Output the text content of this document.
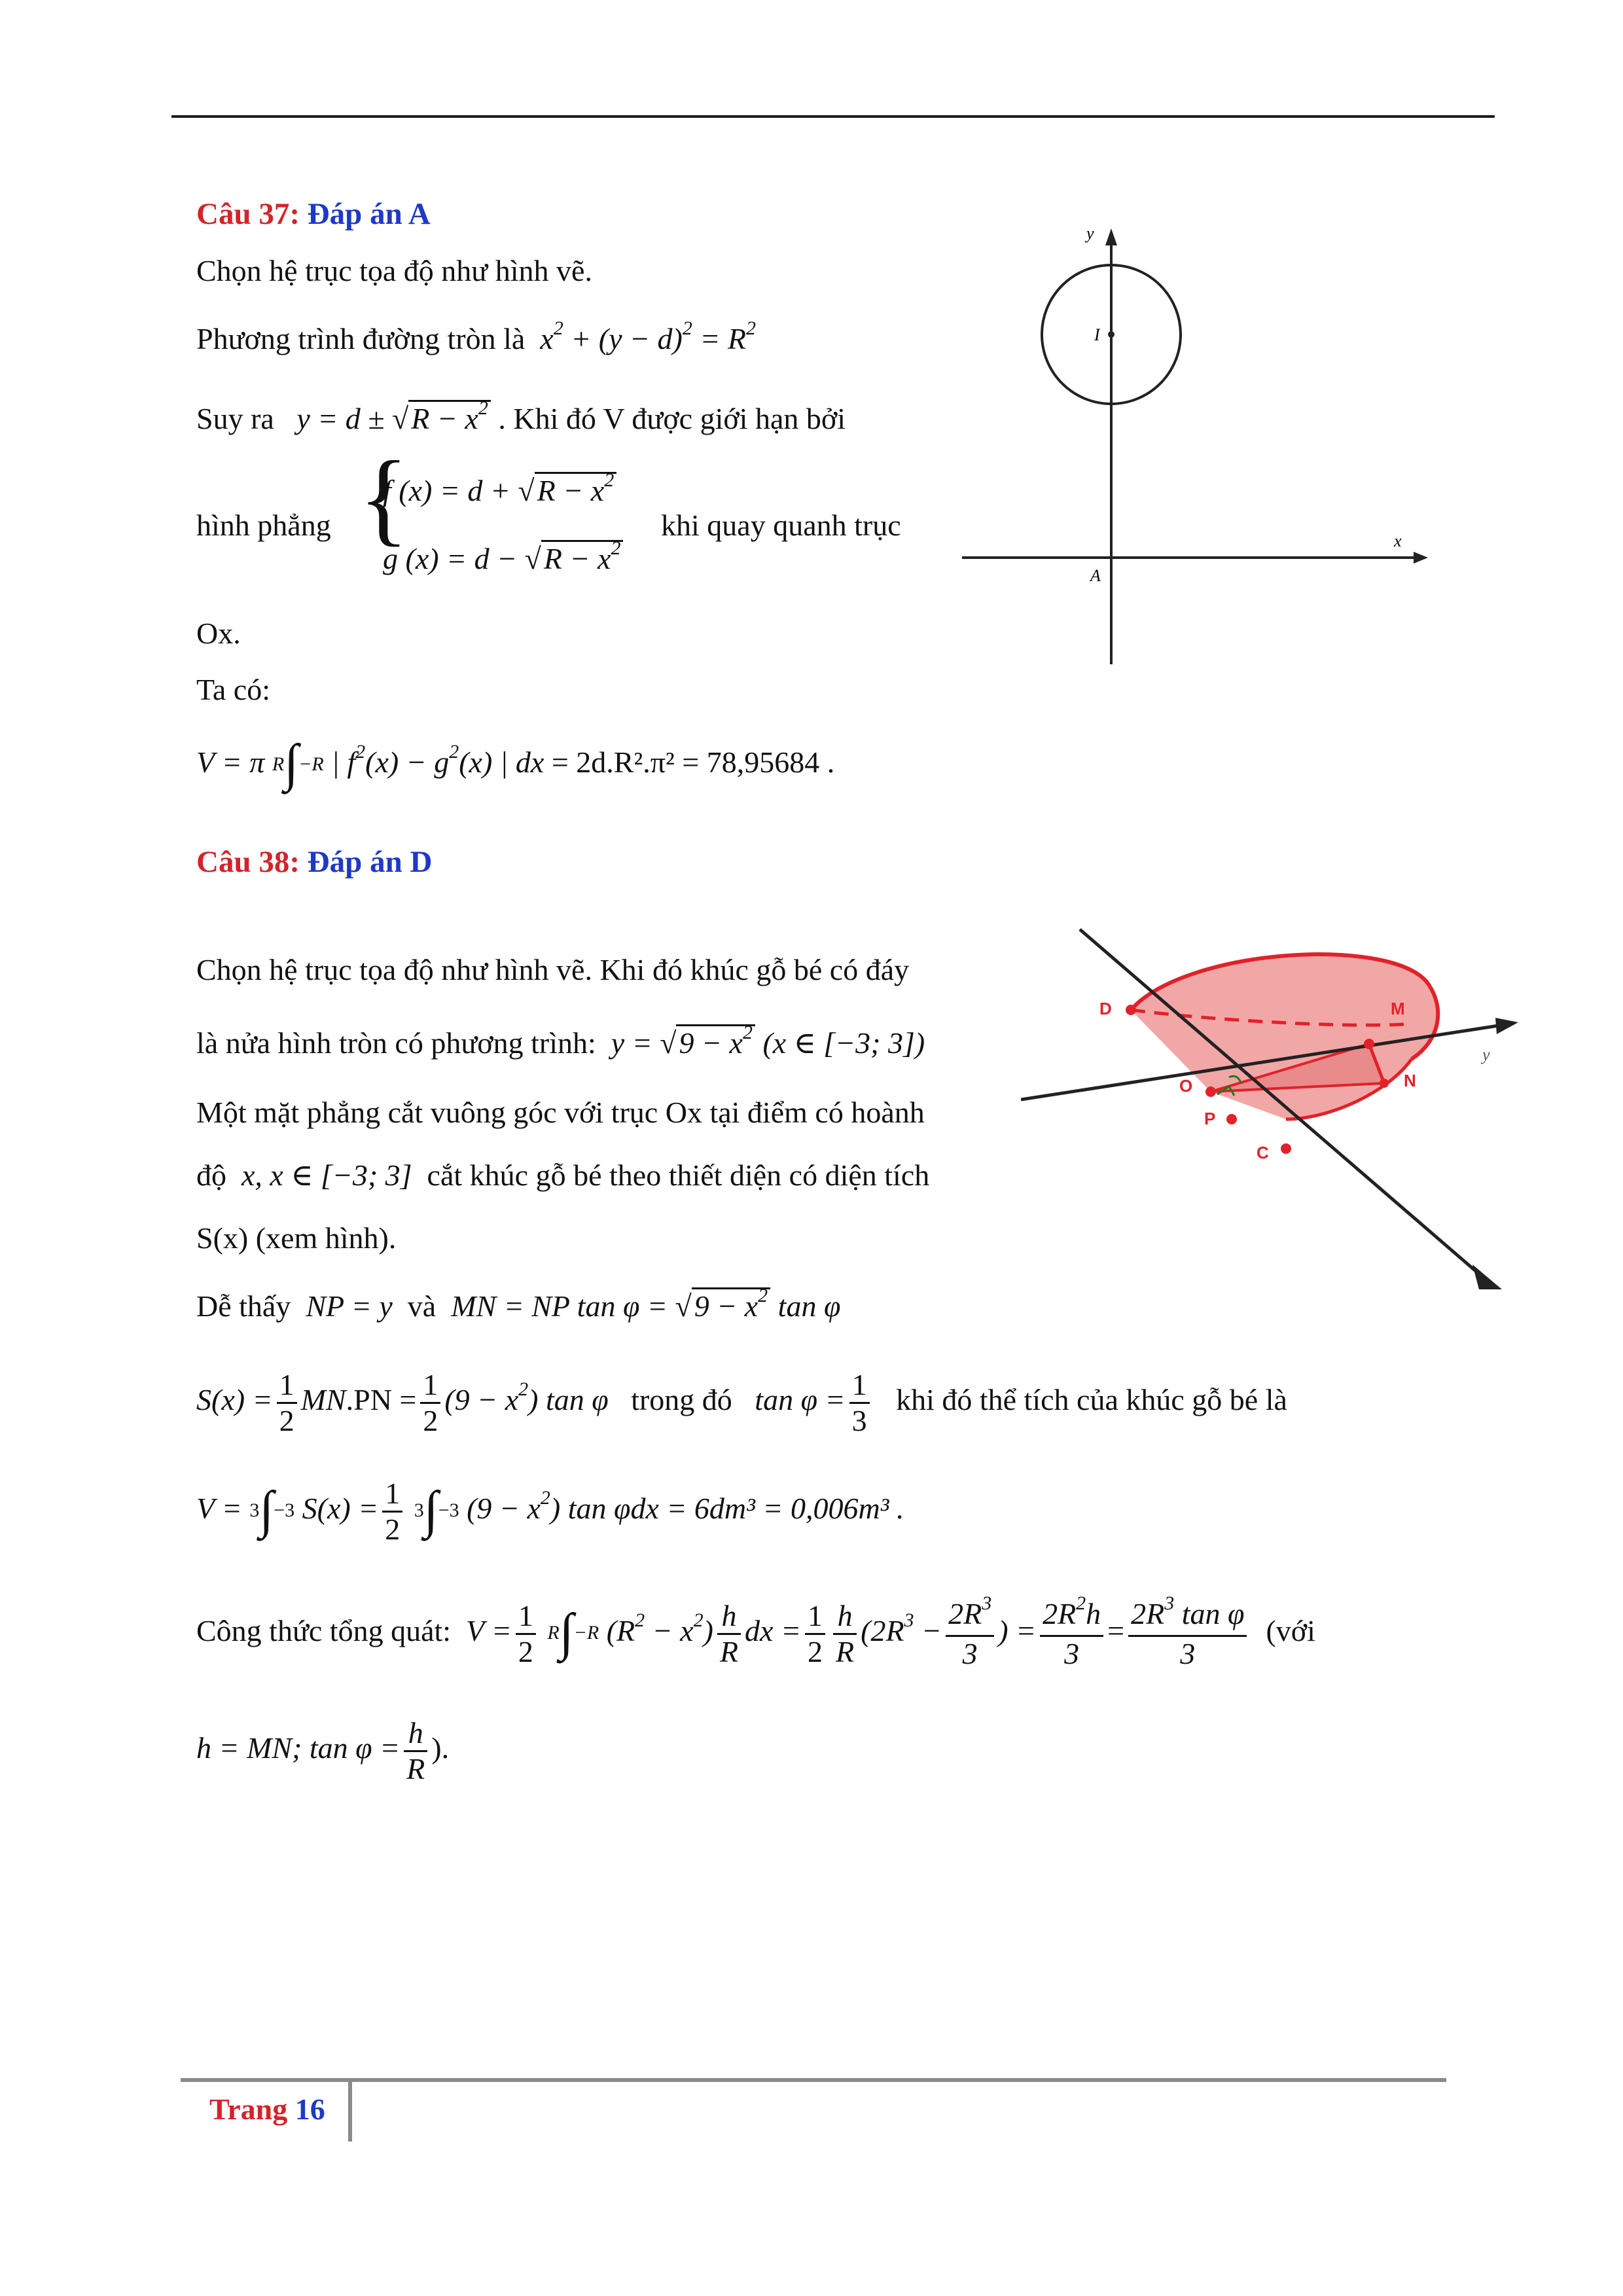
Câu 37: Đáp án A
Chọn hệ trục tọa độ như hình vẽ.
Phương trình đường tròn là  $x^2 + (y - d)^2 = R^2$
Suy ra   $y = d \pm √R - x^2$ . Khi đó V được giới hạn bởi
hình phẳng {
f $(x) = d + √R - x^2$
g $(x) = d - √R - x^2$
khi quay quanh trục
Ox.
Ta có:
V = π R∫−R | $f^2(x) - g^2(x)$ | dx = 2d.R².π² = 78,95684 .
y
x
I
A
Câu 38: Đáp án D
Chọn hệ trục tọa độ như hình vẽ. Khi đó khúc gỗ bé có đáy
là nửa hình tròn có phương trình:  $y = √9 - x^2$ (x ∈ [−3; 3])
Một mặt phẳng cắt vuông góc với trục Ox tại điểm có hoành
độ  x, x ∈ [−3; 3]  cắt khúc gỗ bé theo thiết diện có diện tích
S(x) (xem hình).
Dễ thấy  NP = y  và  MN = NP $\tan \varphi = √9 - x^2$ tan φ
$S(x) = \frac{1}{2} MN.PN = \frac{1}{2} (9 - x^2)$ tan φ trong đó $\tan \varphi = \frac{1}{3}$ khi đó thể tích của khúc gỗ bé là
V = 3∫−3 $S(x) = \frac{1}{2} 3\int-3$ $(9 - x^2)$ tan φdx = 6dm³ = 0,006m³ .
Công thức tổng quát:  $V = \frac{1}{2} R\int-R$ $(R^2 - x^2) \frac{h}{R}$ dx = $\frac{1}{2} \frac{h}{R} (2R^3 - \frac{2R^3}{3}$ ) = $\frac{2R^2h}{3} = \frac{2R^3 \tan \varphi}{3}$ (với
h = MN; $\tan \varphi = \frac{h}{R}$ ).
D	M
N
O
P
C
y
Trang 16
